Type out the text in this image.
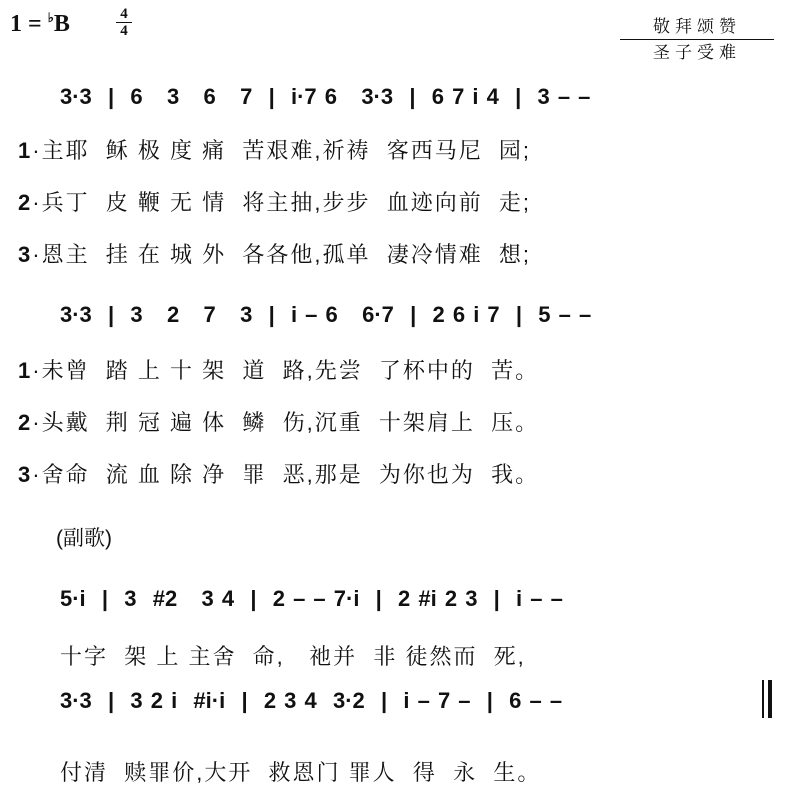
1 = ♭B	4
4	敬拜颂赞
圣子受难
3·3  |  6   3   6   7  |  i·7 6   3·3  |  6 7 i 4  |  3 – –
1·主耶  稣 极 度 痛  苦艰难,祈祷  客西马尼  园;
2·兵丁  皮 鞭 无 情  将主抽,步步  血迹向前  走;
3·恩主  挂 在 城 外  各各他,孤单  凄冷情难  想;
3·3  |  3   2   7   3  |  i – 6   6·7  |  2 6 i 7  |  5 – –
1·未曾  踏 上 十 架  道  路,先尝  了杯中的  苦。
2·头戴  荆 冠 遍 体  鳞  伤,沉重  十架肩上  压。
3·舍命  流 血 除 净  罪  恶,那是  为你也为  我。
(副歌)
5·i  |  3  #2   3 4  |  2 – – 7·i  |  2 #i 2 3  |  i – –
十字  架 上 主舍  命,   祂并  非 徒然而  死,
3·3  |  3 2 i  #i·i  |  2 3 4  3·2  |  i – 7 –  |  6 – –
付清  赎罪价,大开  救恩门 罪人  得  永  生。
